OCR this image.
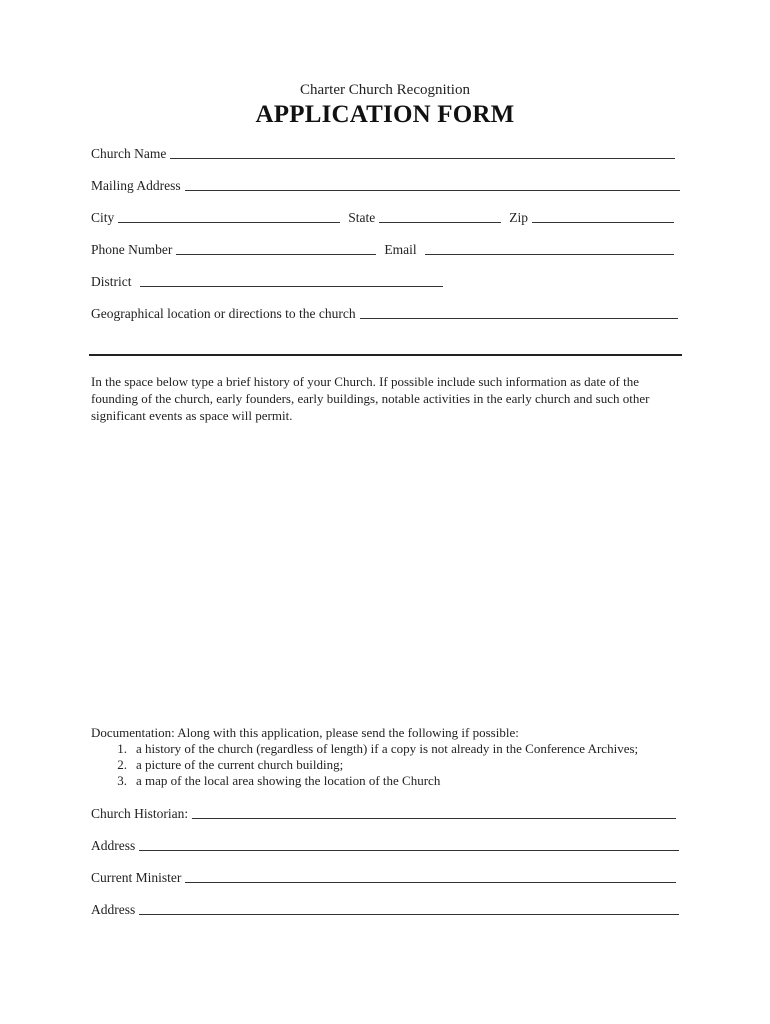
Charter Church Recognition
APPLICATION FORM
Church Name
Mailing Address
City	State	Zip
Phone Number	Email
District
Geographical location or directions to the church
In the space below type a brief history of your Church. If possible include such information as date of the founding of the church, early founders, early buildings, notable activities in the early church and such other significant events as space will permit.
Documentation: Along with this application, please send the following if possible:
1. a history of the church (regardless of length) if a copy is not already in the Conference Archives;
2. a picture of the current church building;
3. a map of the local area showing the location of the Church
Church Historian:
Address
Current Minister
Address
